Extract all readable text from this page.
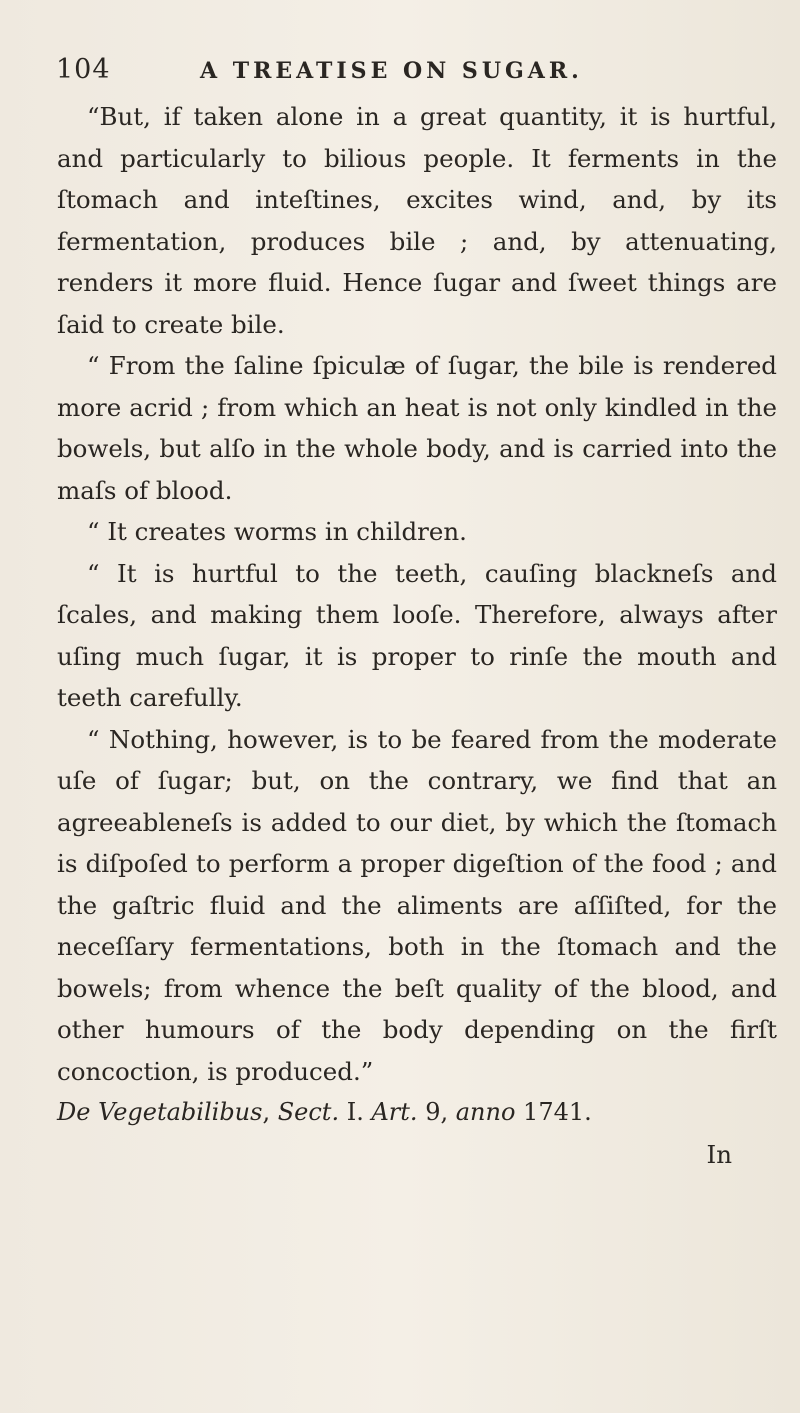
104	A TREATISE ON SUGAR.

“But, if taken alone in a great quantity, it is hurtful, and particularly to bilious people. It ferments in the ſtomach and inteſtines, excites wind, and, by its fermentation, produces bile ; and, by attenuating, renders it more fluid. Hence ſugar and ſweet things are ſaid to create bile.

“ From the ſaline ſpiculæ of ſugar, the bile is rendered more acrid ; from which an heat is not only kindled in the bowels, but alſo in the whole body, and is carried into the maſs of blood.

“ It creates worms in children.

“ It is hurtful to the teeth, cauſing blackneſs and ſcales, and making them looſe. Therefore, always after uſing much ſugar, it is proper to rinſe the mouth and teeth carefully.

“ Nothing, however, is to be feared from the moderate uſe of ſugar; but, on the contrary, we find that an agreeableneſs is added to our diet, by which the ſtomach is diſpoſed to perform a proper digeſtion of the food ; and the gaſtric fluid and the aliments are aſſiſted, for the neceſſary fermentations, both in the ſtomach and the bowels; from whence the beſt quality of the blood, and other humours of the body depending on the firſt concoction, is produced.”

De Vegetabilibus, Sect. I. Art. 9, anno 1741.
In
